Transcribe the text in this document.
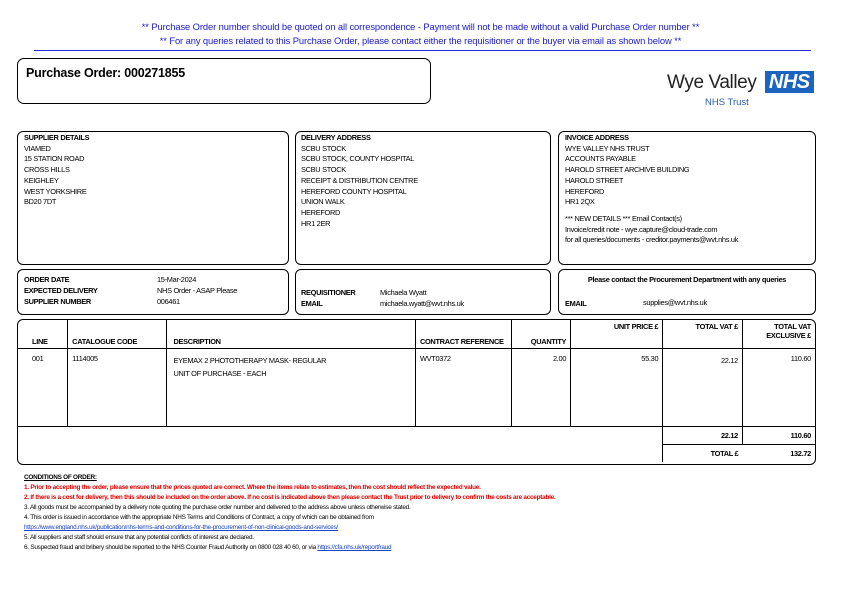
** Purchase Order number should be quoted on all correspondence - Payment will not be made without a valid Purchase Order number **
** For any queries related to this Purchase Order, please contact either the requisitioner or the buyer via email as shown below **
Purchase Order: 000271855	Wye Valley NHS
NHS Trust
SUPPLIER DETAILS
VIAMED
15 STATION ROAD
CROSS HILLS
KEIGHLEY
WEST YORKSHIRE
BD20 7DT
DELIVERY ADDRESS
SCBU STOCK
SCBU STOCK, COUNTY HOSPITAL
SCBU STOCK
RECEIPT & DISTRIBUTION CENTRE
HEREFORD COUNTY HOSPITAL
UNION WALK
HEREFORD
HR1 2ER
INVOICE ADDRESS
WYE VALLEY NHS TRUST
ACCOUNTS PAYABLE
HAROLD STREET ARCHIVE BUILDING
HAROLD STREET
HEREFORD
HR1 2QX
*** NEW DETAILS *** Email Contact(s)
Invoice/credit note - wye.capture@cloud-trade.com
for all queries/documents - creditor.payments@wvt.nhs.uk
ORDER DATE	15-Mar-2024
EXPECTED DELIVERY	NHS Order - ASAP Please
SUPPLIER NUMBER	006461
REQUISITIONER	Michaela Wyatt
EMAIL	michaela.wyatt@wvt.nhs.uk
Please contact the Procurement Department with any queries
EMAIL	supplies@wvt.nhs.uk
LINE	CATALOGUE CODE	DESCRIPTION	CONTRACT REFERENCE	QUANTITY	UNIT PRICE £	TOTAL VAT £	TOTAL VAT EXCLUSIVE £
001	1114005	EYEMAX 2 PHOTOTHERAPY MASK- REGULAR
UNIT OF PURCHASE - EACH	WVT0372	2.00	55.30	22.12	110.60
						22.12	110.60
						TOTAL £	132.72
CONDITIONS OF ORDER:
1. Prior to accepting the order, please ensure that the prices quoted are correct. Where the items relate to estimates, then the cost should reflect the expected value.
2. If there is a cost for delivery, then this should be included on the order above. If no cost is indicated above then please contact the Trust prior to delivery to confirm the costs are acceptable.
3. All goods must be accompanied by a delivery note quoting the purchase order number and delivered to the address above unless otherwise stated.
4. This order is issued in accordance with the appropriate NHS Terms and Conditions of Contract, a copy of which can be obtained from
https://www.england.nhs.uk/publication/nhs-terms-and-conditions-for-the-procurement-of-non-clinical-goods-and-services/
5. All suppliers and staff should ensure that any potential conflicts of interest are declared.
6. Suspected fraud and bribery should be reported to the NHS Counter Fraud Authority on 0800 028 40 60, or via https://cfa.nhs.uk/reportfraud
